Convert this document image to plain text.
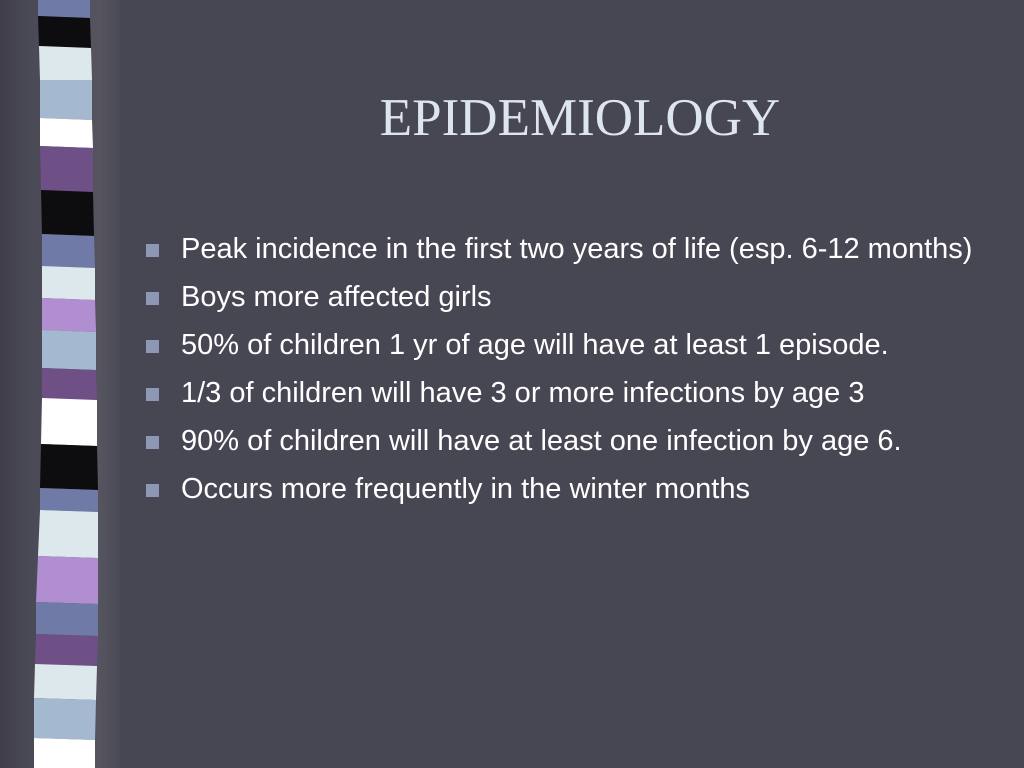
EPIDEMIOLOGY
Peak incidence in the first two years of life (esp. 6-12 months)
Boys more affected girls
50% of children 1 yr of age will have at least 1 episode.
1/3 of children will have 3 or more infections by age 3
90% of children will have at least one infection by age 6.
Occurs more frequently in the winter months
